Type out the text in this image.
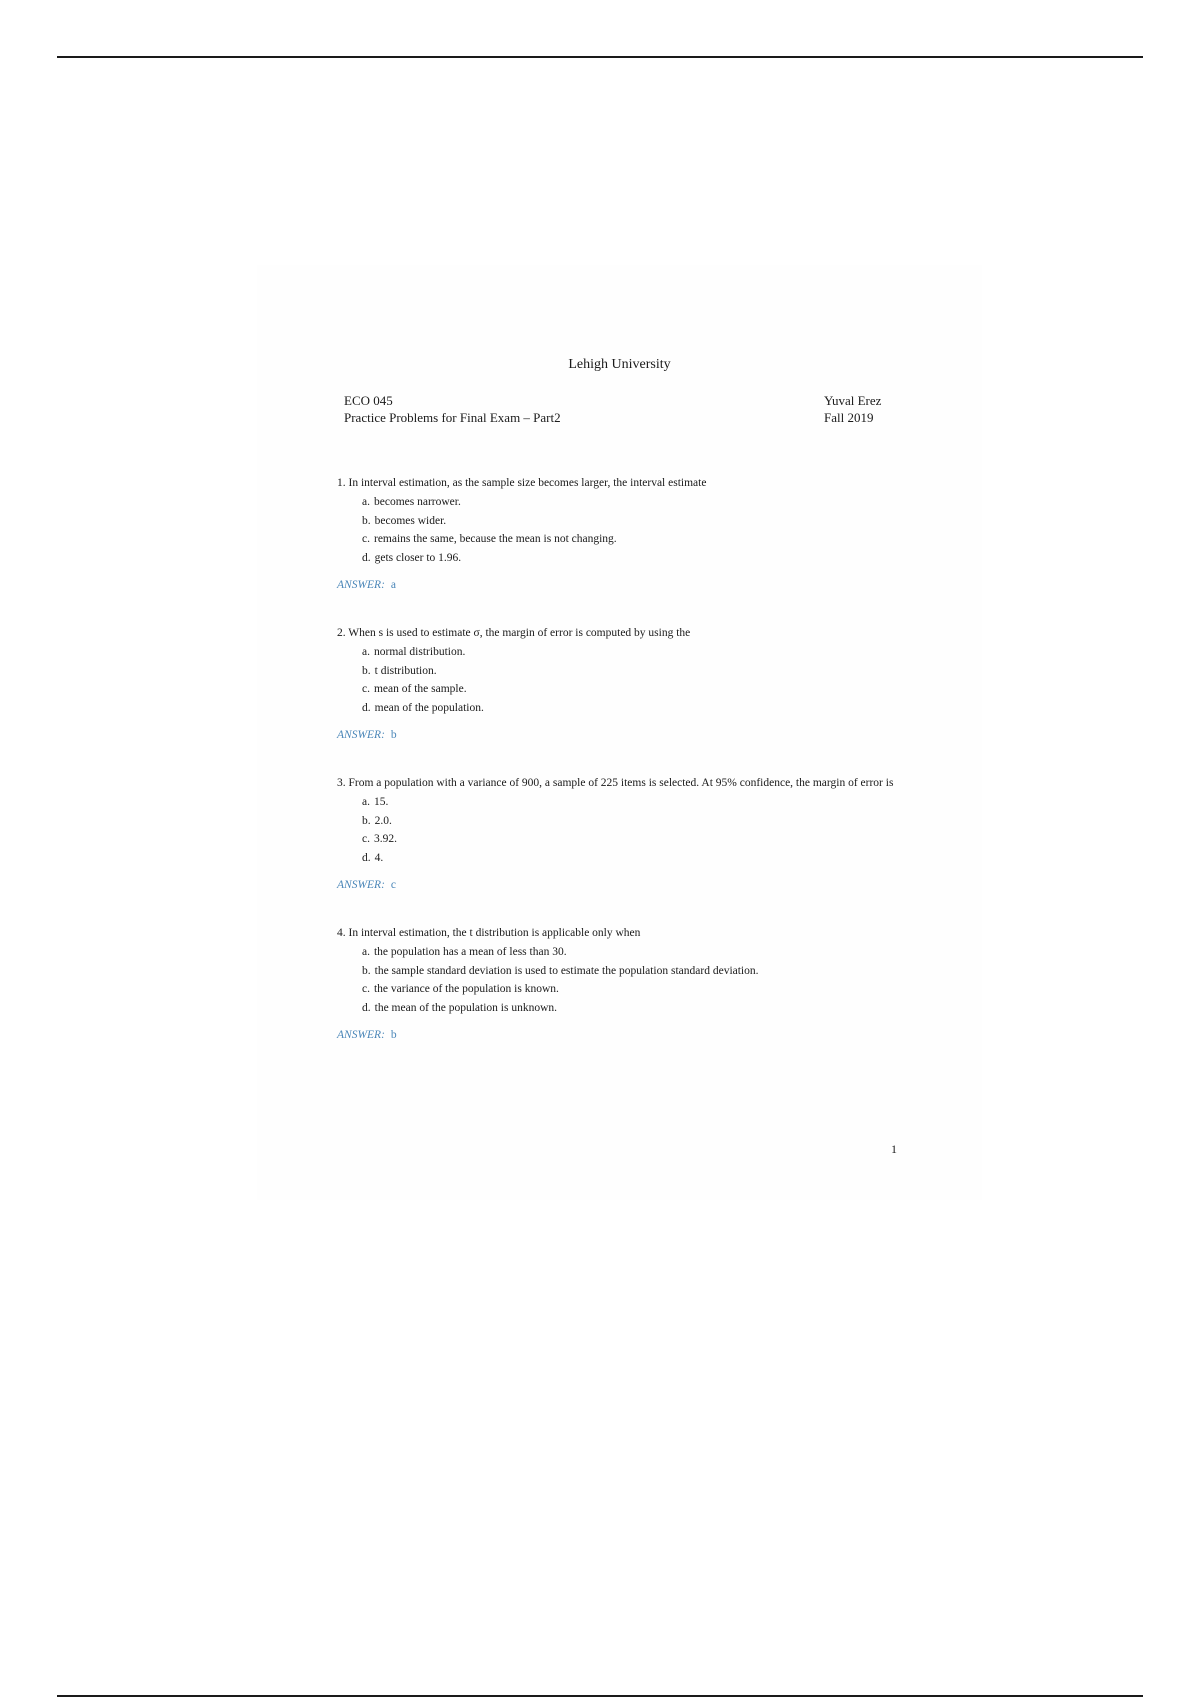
Lehigh University
ECO 045
Practice Problems for Final Exam – Part2
Yuval Erez
Fall 2019
1. In interval estimation, as the sample size becomes larger, the interval estimate
a. becomes narrower.
b. becomes wider.
c. remains the same, because the mean is not changing.
d. gets closer to 1.96.
ANSWER: a
2. When s is used to estimate σ, the margin of error is computed by using the
a. normal distribution.
b. t distribution.
c. mean of the sample.
d. mean of the population.
ANSWER: b
3. From a population with a variance of 900, a sample of 225 items is selected. At 95% confidence, the margin of error is
a. 15.
b. 2.0.
c. 3.92.
d. 4.
ANSWER: c
4. In interval estimation, the t distribution is applicable only when
a. the population has a mean of less than 30.
b. the sample standard deviation is used to estimate the population standard deviation.
c. the variance of the population is known.
d. the mean of the population is unknown.
ANSWER: b
1
